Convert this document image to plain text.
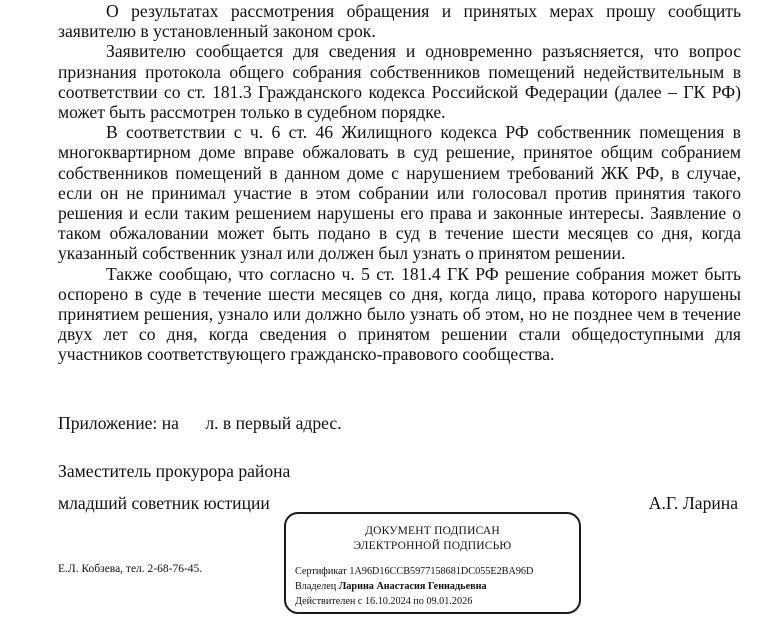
О результатах рассмотрения обращения и принятых мерах прошу сообщить заявителю в установленный законом срок.

Заявителю сообщается для сведения и одновременно разъясняется, что вопрос признания протокола общего собрания собственников помещений недействительным в соответствии со ст. 181.3 Гражданского кодекса Российской Федерации (далее – ГК РФ) может быть рассмотрен только в судебном порядке.

В соответствии с ч. 6 ст. 46 Жилищного кодекса РФ собственник помещения в многоквартирном доме вправе обжаловать в суд решение, принятое общим собранием собственников помещений в данном доме с нарушением требований ЖК РФ, в случае, если он не принимал участие в этом собрании или голосовал против принятия такого решения и если таким решением нарушены его права и законные интересы. Заявление о таком обжаловании может быть подано в суд в течение шести месяцев со дня, когда указанный собственник узнал или должен был узнать о принятом решении.

Также сообщаю, что согласно ч. 5 ст. 181.4 ГК РФ решение собрания может быть оспорено в суде в течение шести месяцев со дня, когда лицо, права которого нарушены принятием решения, узнало или должно было узнать об этом, но не позднее чем в течение двух лет со дня, когда сведения о принятом решении стали общедоступными для участников соответствующего гражданско-правового сообщества.

Приложение: на      л. в первый адрес.
Заместитель прокурора района
младший советник юстиции	А.Г. Ларина
Е.Л. Кобзева, тел. 2-68-76-45.
ДОКУМЕНТ ПОДПИСАН
ЭЛЕКТРОННОЙ ПОДПИСЬЮ
Сертификат 1A96D16CCB5977158681DC055E2BA96D
Владелец Ларина Анастасия Геннадьевна
Действителен с 16.10.2024 по 09.01.2026
